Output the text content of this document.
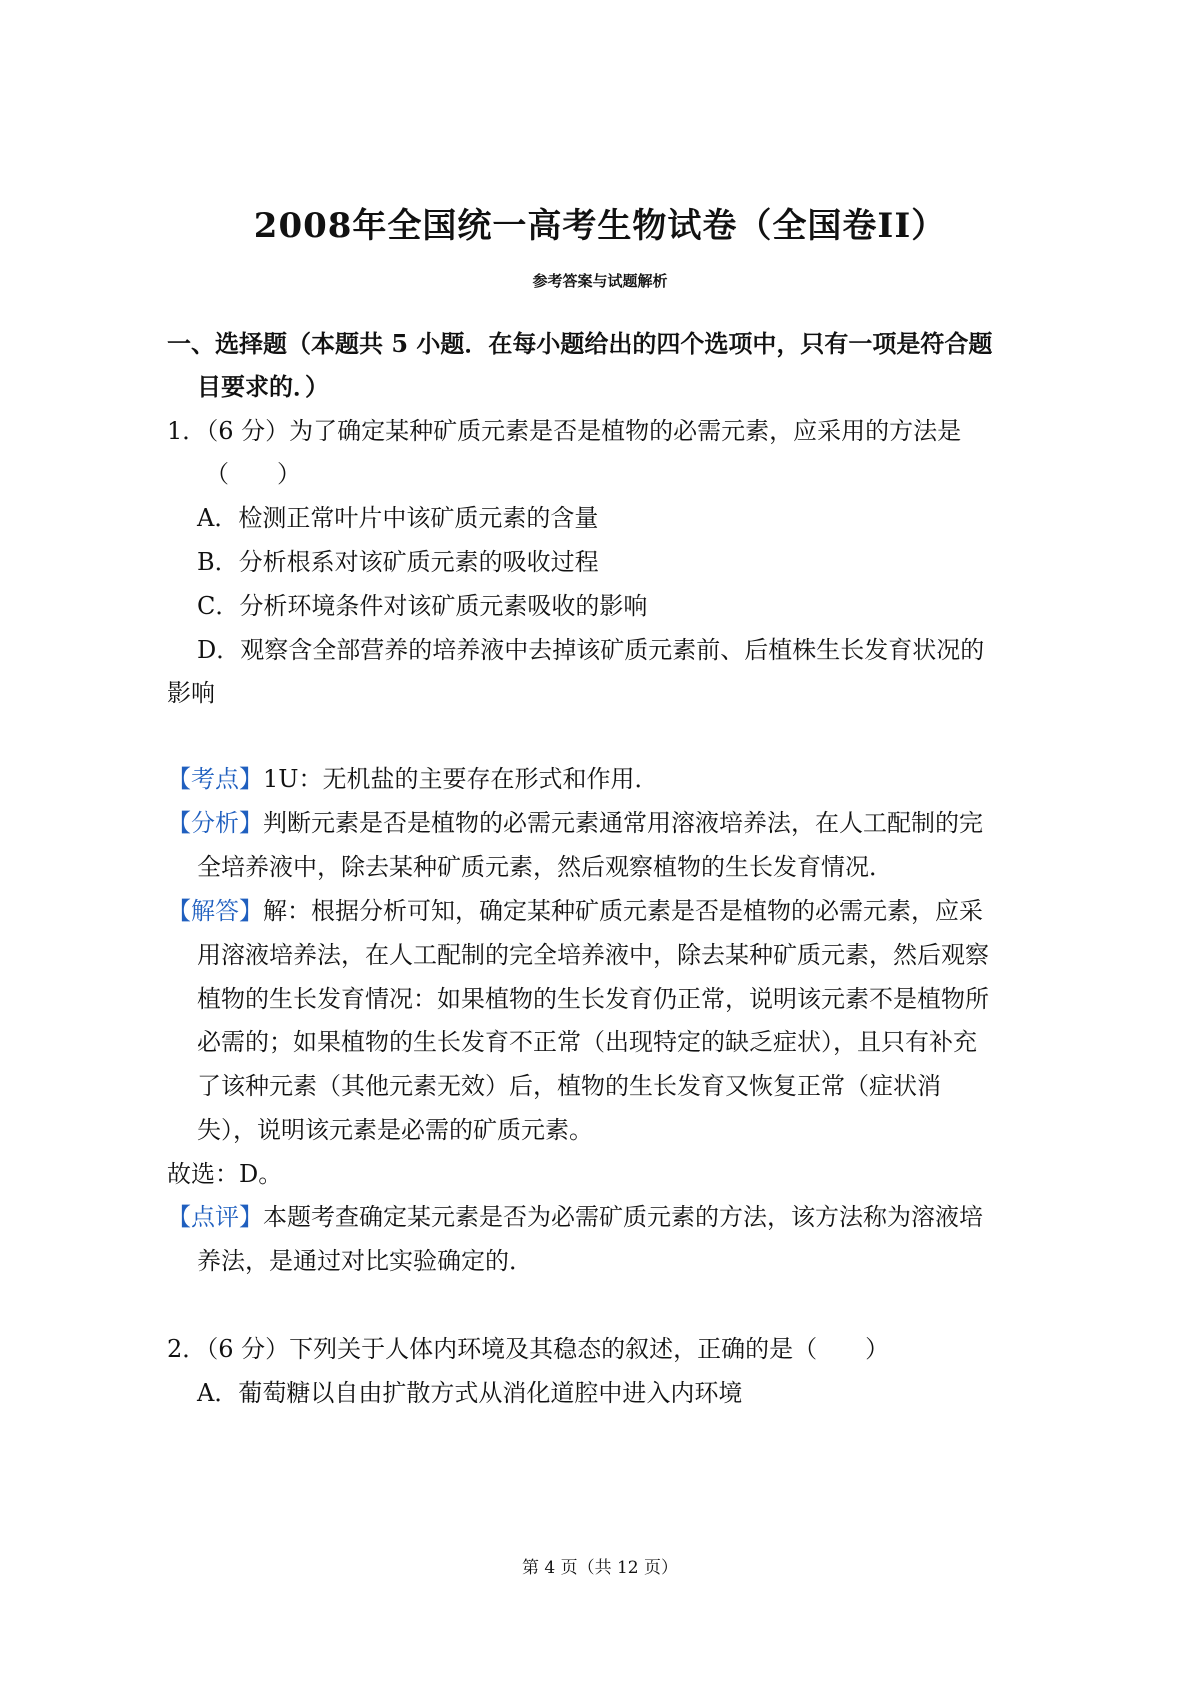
2008年全国统一高考生物试卷（全国卷II）
参考答案与试题解析
一、选择题（本题共 5 小题．在每小题给出的四个选项中，只有一项是符合题
目要求的．）
1．（6 分）为了确定某种矿质元素是否是植物的必需元素，应采用的方法是
（　　）
A．检测正常叶片中该矿质元素的含量
B．分析根系对该矿质元素的吸收过程
C．分析环境条件对该矿质元素吸收的影响
D．观察含全部营养的培养液中去掉该矿质元素前、后植株生长发育状况的
影响
【考点】1U：无机盐的主要存在形式和作用．
【分析】判断元素是否是植物的必需元素通常用溶液培养法，在人工配制的完
全培养液中，除去某种矿质元素，然后观察植物的生长发育情况．
【解答】解：根据分析可知，确定某种矿质元素是否是植物的必需元素，应采
用溶液培养法，在人工配制的完全培养液中，除去某种矿质元素，然后观察
植物的生长发育情况：如果植物的生长发育仍正常，说明该元素不是植物所
必需的；如果植物的生长发育不正常（出现特定的缺乏症状），且只有补充
了该种元素（其他元素无效）后，植物的生长发育又恢复正常（症状消
失），说明该元素是必需的矿质元素。
故选：D。
【点评】本题考查确定某元素是否为必需矿质元素的方法，该方法称为溶液培
养法，是通过对比实验确定的．
2．（6 分）下列关于人体内环境及其稳态的叙述，正确的是（　　）
A．葡萄糖以自由扩散方式从消化道腔中进入内环境
第 4 页（共 12 页）
